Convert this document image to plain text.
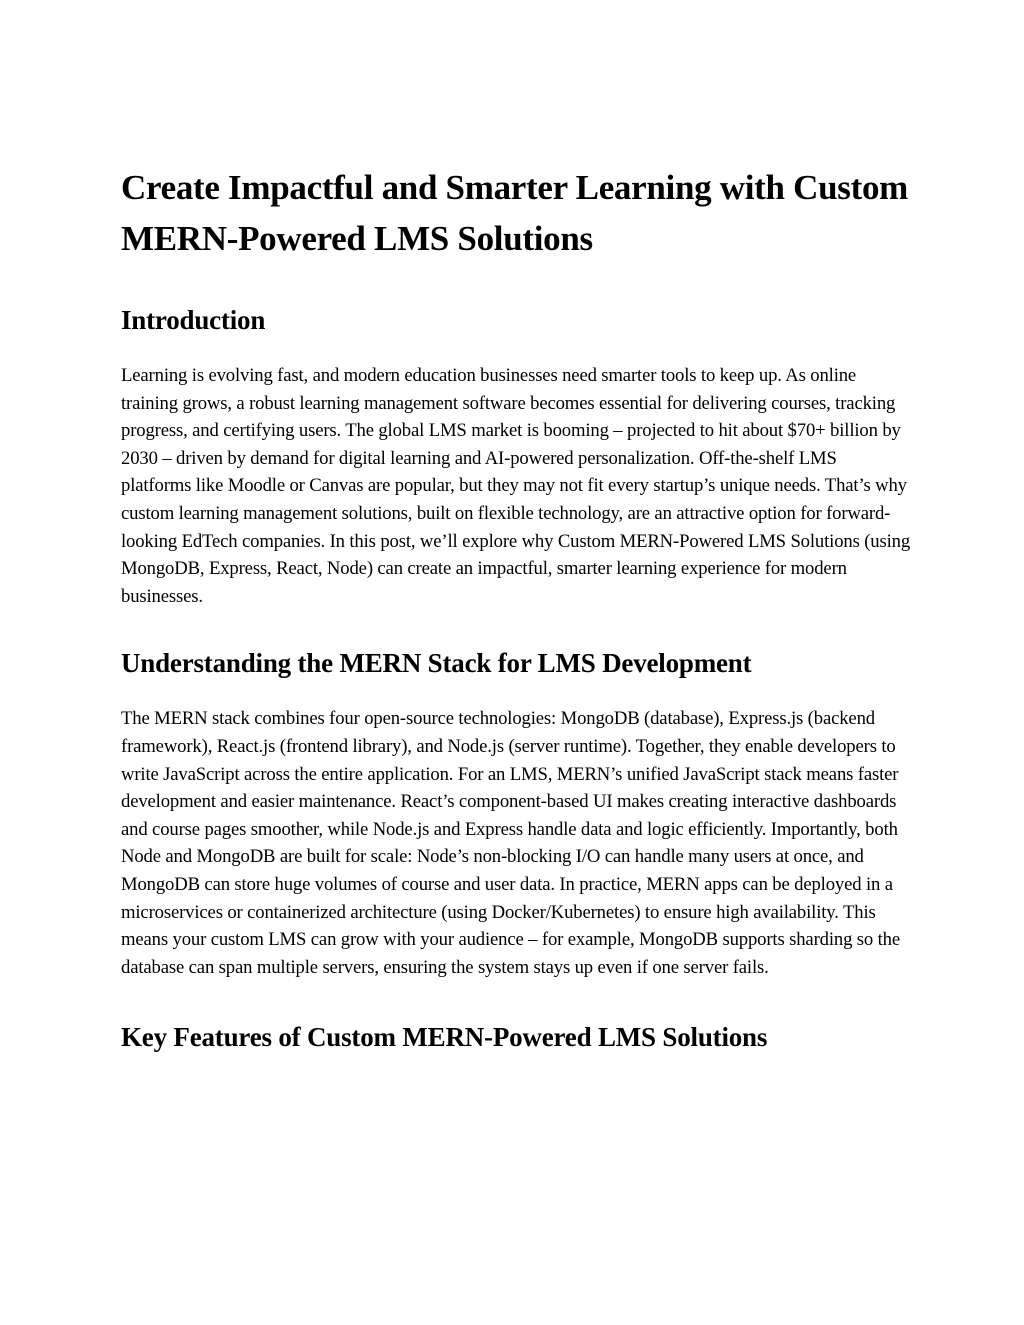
Create Impactful and Smarter Learning with Custom MERN-Powered LMS Solutions
Introduction

Learning is evolving fast, and modern education businesses need smarter tools to keep up. As online training grows, a robust learning management software becomes essential for delivering courses, tracking progress, and certifying users. The global LMS market is booming – projected to hit about $70+ billion by 2030 – driven by demand for digital learning and AI-powered personalization. Off-the-shelf LMS platforms like Moodle or Canvas are popular, but they may not fit every startup’s unique needs. That’s why custom learning management solutions, built on flexible technology, are an attractive option for forward-looking EdTech companies. In this post, we’ll explore why Custom MERN-Powered LMS Solutions (using MongoDB, Express, React, Node) can create an impactful, smarter learning experience for modern businesses.

Understanding the MERN Stack for LMS Development

The MERN stack combines four open-source technologies: MongoDB (database), Express.js (backend framework), React.js (frontend library), and Node.js (server runtime). Together, they enable developers to write JavaScript across the entire application. For an LMS, MERN’s unified JavaScript stack means faster development and easier maintenance. React’s component-based UI makes creating interactive dashboards and course pages smoother, while Node.js and Express handle data and logic efficiently. Importantly, both Node and MongoDB are built for scale: Node’s non-blocking I/O can handle many users at once, and MongoDB can store huge volumes of course and user data. In practice, MERN apps can be deployed in a microservices or containerized architecture (using Docker/Kubernetes) to ensure high availability. This means your custom LMS can grow with your audience – for example, MongoDB supports sharding so the database can span multiple servers, ensuring the system stays up even if one server fails.

Key Features of Custom MERN-Powered LMS Solutions
